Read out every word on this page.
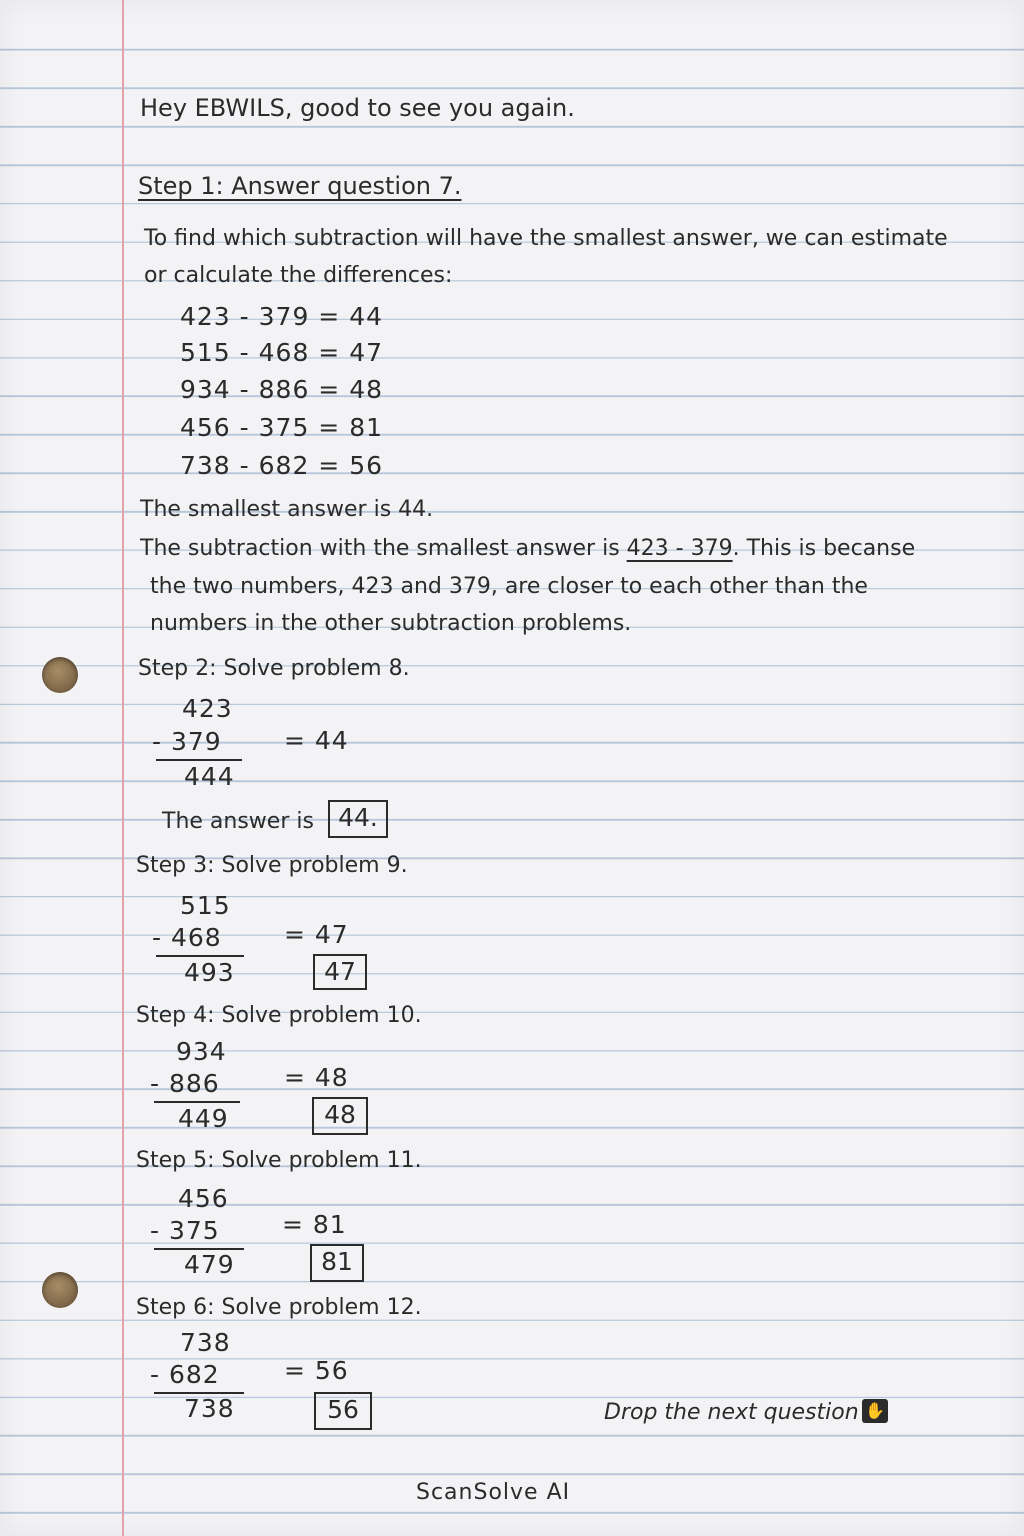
Hey EBWILS, good to see you again.
Step 1: Answer question 7.
To find which subtraction will have the smallest answer, we can estimate
or calculate the differences:
423 - 379 = 44
515 - 468 = 47
934 - 886 = 48
456 - 375 = 81
738 - 682 = 56
The smallest answer is 44.
The subtraction with the smallest answer is 423 - 379. This is becanse
the two numbers, 423 and 379, are closer to each other than the
numbers in the other subtraction problems.
Step 2: Solve problem 8.
423
- 379
444
= 44
The answer is 44.
Step 3: Solve problem 9.
515
- 468
493
= 47
47
Step 4: Solve problem 10.
934
- 886
449
= 48
48
Step 5: Solve problem 11.
456
- 375
479
= 81
81
Step 6: Solve problem 12.
738
- 682
738
= 56
56	Drop the next question ✋
ScanSolve AI
